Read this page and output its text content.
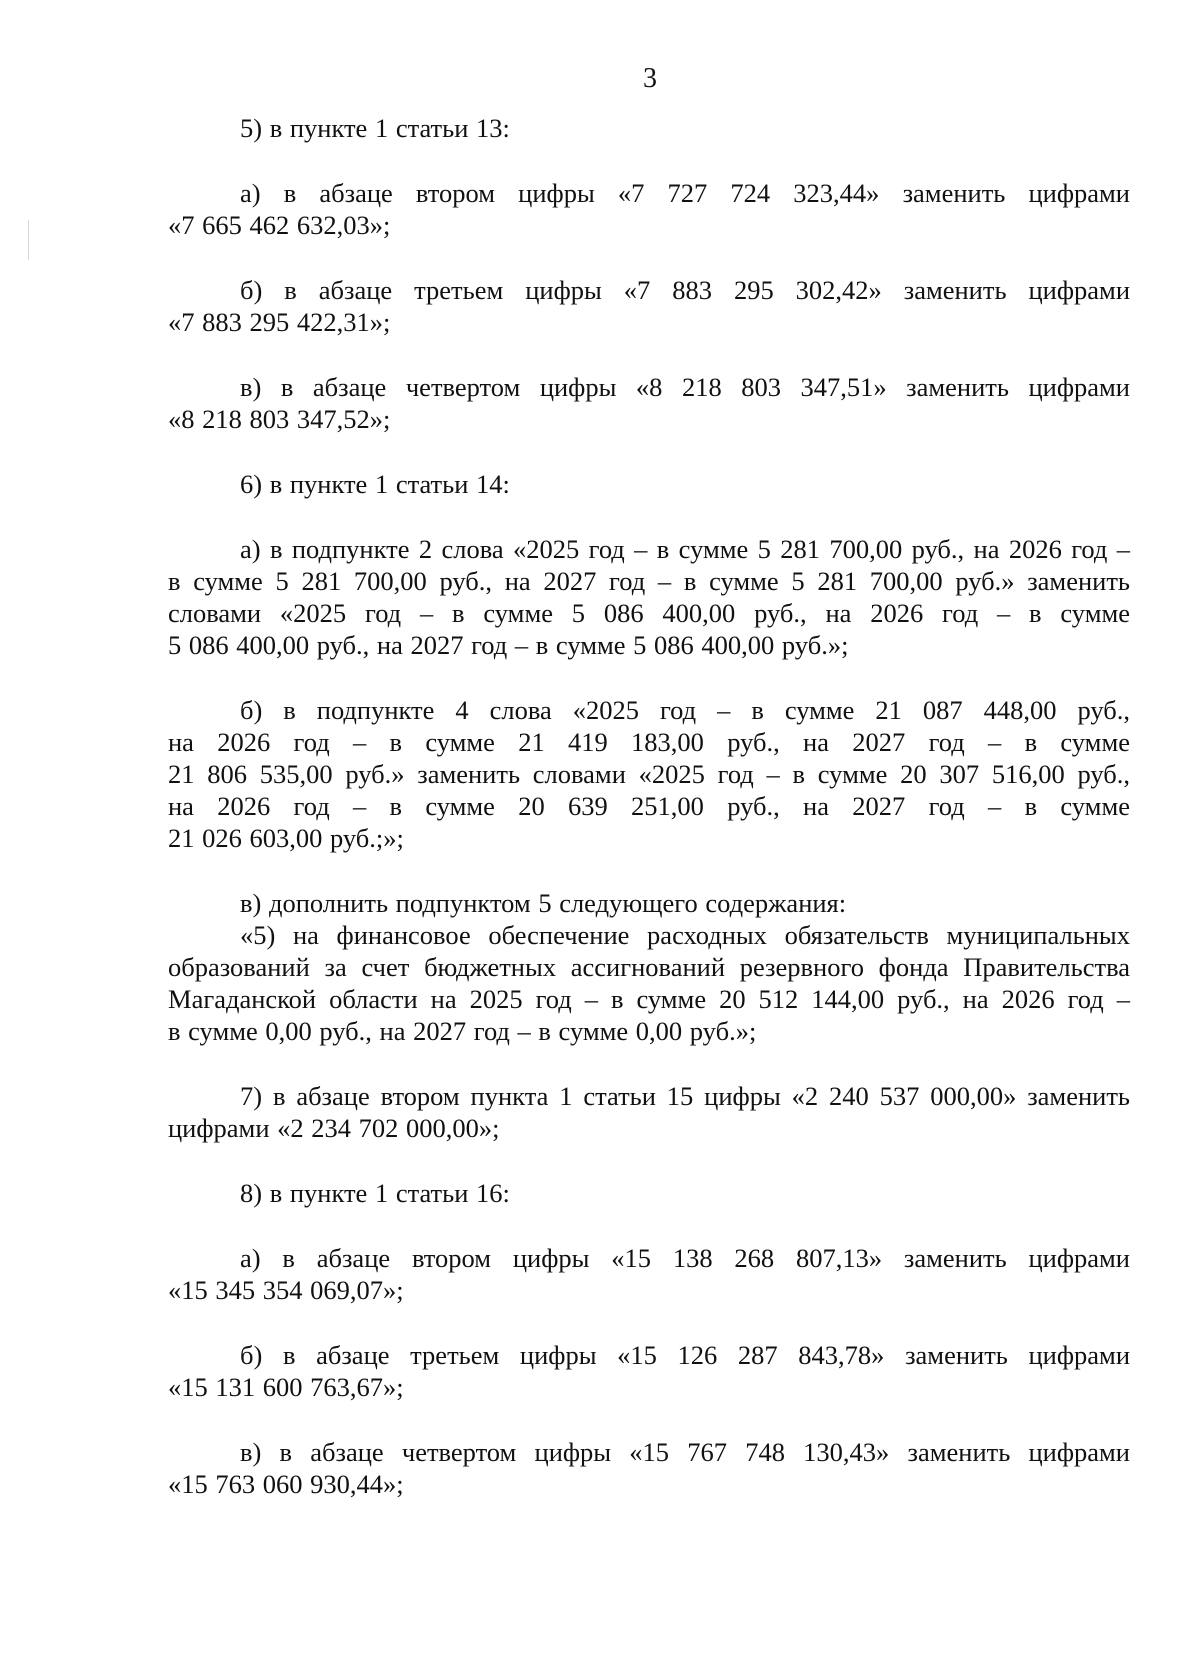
3

5) в пункте 1 статьи 13:

а) в абзаце втором цифры «7 727 724 323,44» заменить цифрами
«7 665 462 632,03»;
б) в абзаце третьем цифры «7 883 295 302,42» заменить цифрами
«7 883 295 422,31»;
в) в абзаце четвертом цифры «8 218 803 347,51» заменить цифрами
«8 218 803 347,52»;

6) в пункте 1 статьи 14:

а) в подпункте 2 слова «2025 год – в сумме 5 281 700,00 руб., на 2026 год –
в сумме 5 281 700,00 руб., на 2027 год – в сумме 5 281 700,00 руб.» заменить
словами «2025 год – в сумме 5 086 400,00 руб., на 2026 год – в сумме
5 086 400,00 руб., на 2027 год – в сумме 5 086 400,00 руб.»;
б) в подпункте 4 слова «2025 год – в сумме 21 087 448,00 руб.,
на 2026 год – в сумме 21 419 183,00 руб., на 2027 год – в сумме
21 806 535,00 руб.» заменить словами «2025 год – в сумме 20 307 516,00 руб.,
на 2026 год – в сумме 20 639 251,00 руб., на 2027 год – в сумме
21 026 603,00 руб.;»;
в) дополнить подпунктом 5 следующего содержания:
«5) на финансовое обеспечение расходных обязательств муниципальных
образований за счет бюджетных ассигнований резервного фонда Правительства
Магаданской области на 2025 год – в сумме 20 512 144,00 руб., на 2026 год –
в сумме 0,00 руб., на 2027 год – в сумме 0,00 руб.»;
7) в абзаце втором пункта 1 статьи 15 цифры «2 240 537 000,00» заменить
цифрами «2 234 702 000,00»;

8) в пункте 1 статьи 16:

а) в абзаце втором цифры «15 138 268 807,13» заменить цифрами
«15 345 354 069,07»;
б) в абзаце третьем цифры «15 126 287 843,78» заменить цифрами
«15 131 600 763,67»;
в) в абзаце четвертом цифры «15 767 748 130,43» заменить цифрами
«15 763 060 930,44»;
